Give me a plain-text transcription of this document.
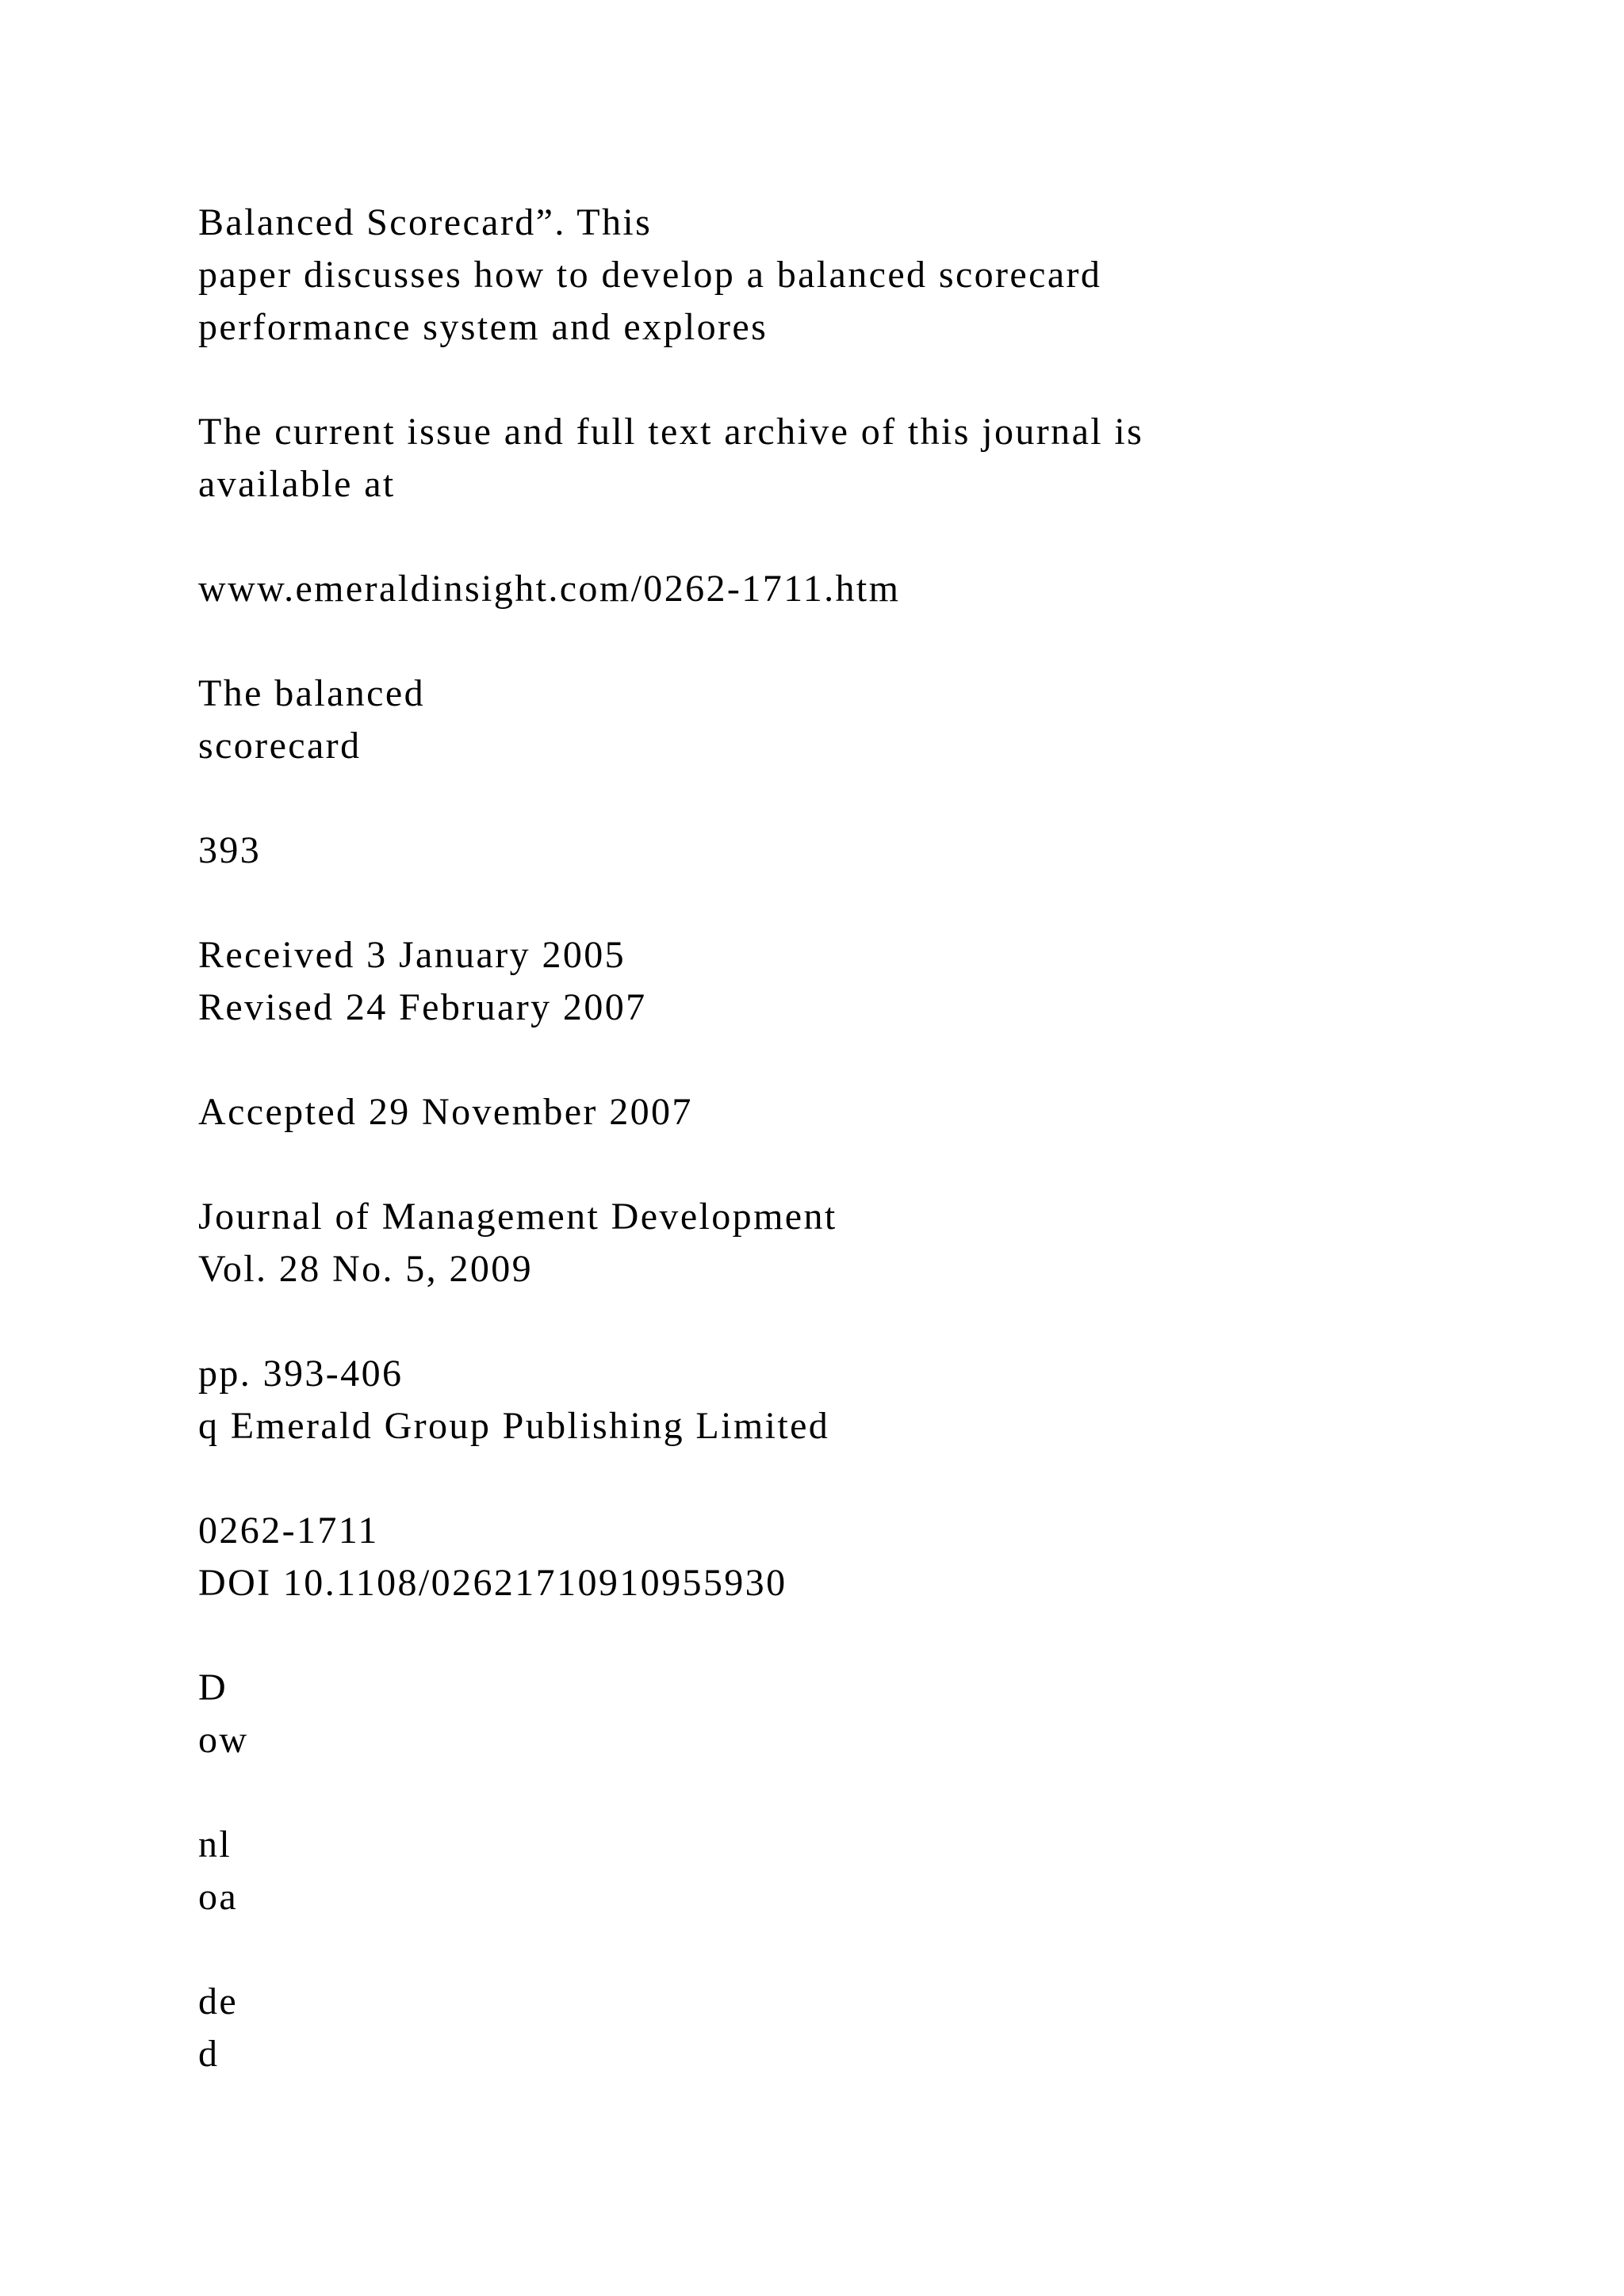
Balanced Scorecard”. This
paper discusses how to develop a balanced scorecard
performance system and explores
The current issue and full text archive of this journal is
available at
www.emeraldinsight.com/0262-1711.htm
The balanced
scorecard
393
Received 3 January 2005
Revised 24 February 2007
Accepted 29 November 2007
Journal of Management Development
Vol. 28 No. 5, 2009
pp. 393-406
q Emerald Group Publishing Limited
0262-1711
DOI 10.1108/02621710910955930
D
ow
nl
oa
de
d
